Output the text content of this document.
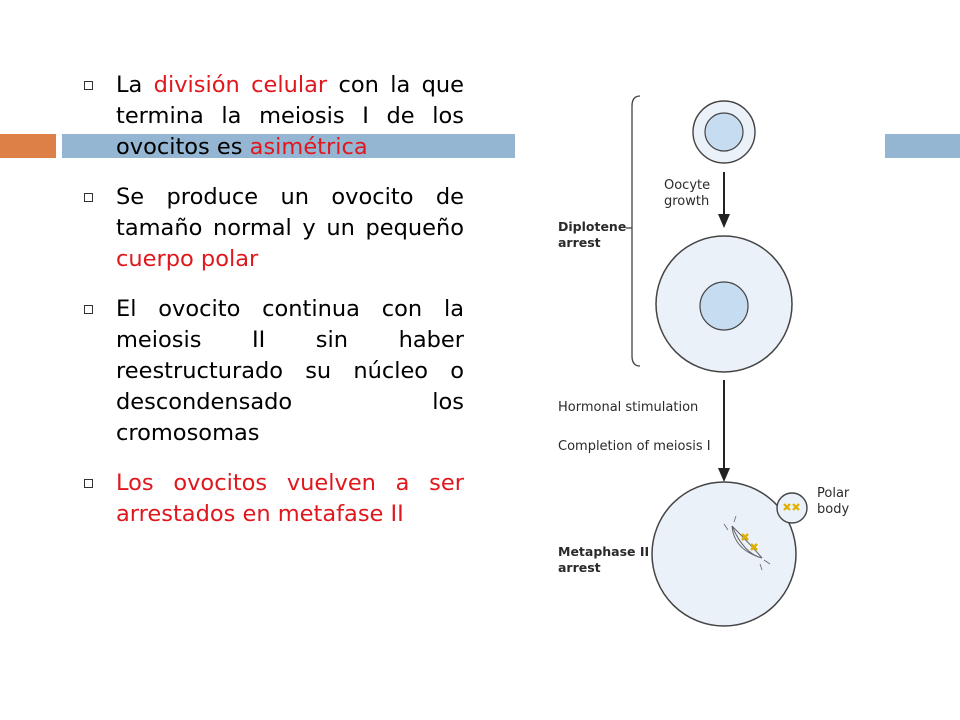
La división celular con la que termina la meiosis I de los ovocitos es asimétrica
Se produce un ovocito de tamaño normal y un pequeño cuerpo polar
El ovocito continua con la meiosis II sin haber reestructurado su núcleo o descondensado los cromosomas
Los ovocitos vuelven a ser arrestados en metafase II
Oocyte
growth
Diplotene
arrest
Hormonal stimulation
Completion of meiosis I
Polar
body
Metaphase II
arrest
